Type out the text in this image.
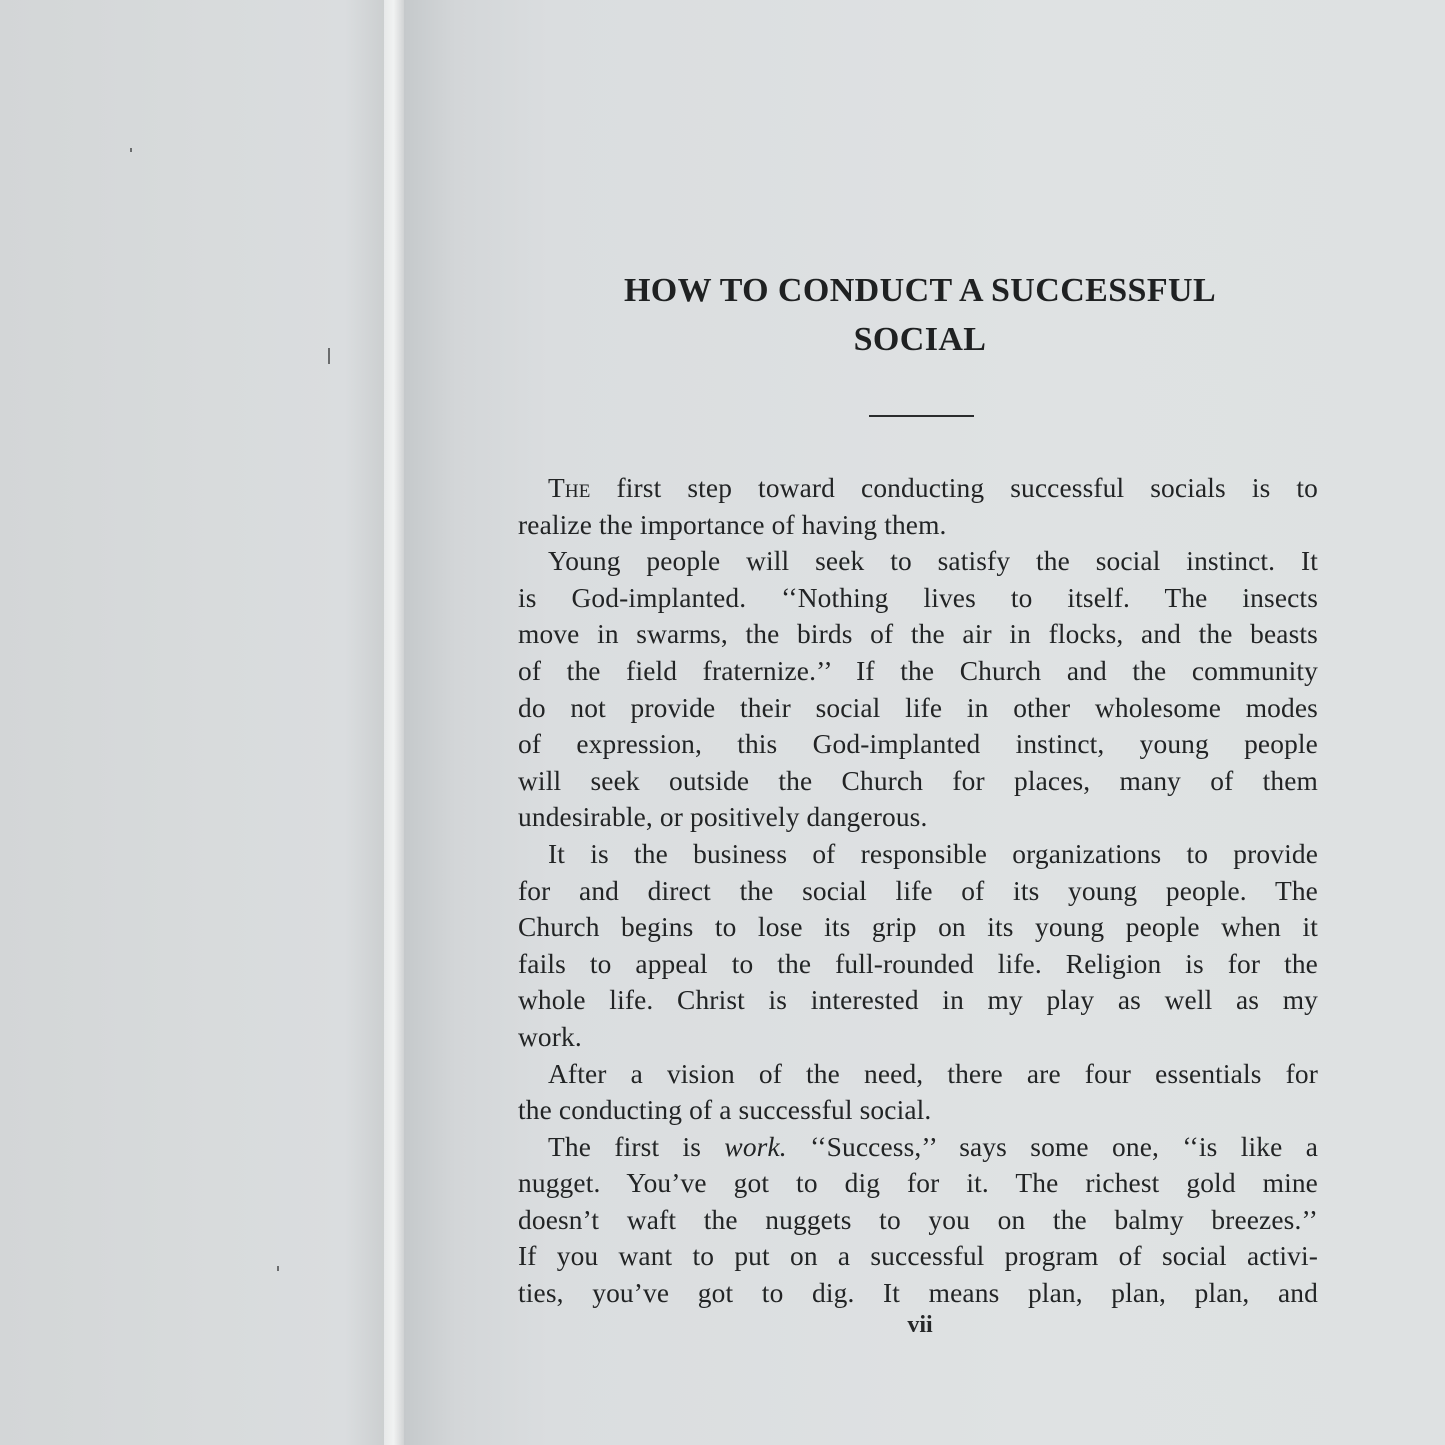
HOW TO CONDUCT A SUCCESSFUL
SOCIAL
The first step toward conducting successful socials is to
realize the importance of having them.
Young people will seek to satisfy the social instinct. It
is God-implanted. ‘‘Nothing lives to itself. The insects
move in swarms, the birds of the air in flocks, and the beasts
of the field fraternize.’’ If the Church and the community
do not provide their social life in other wholesome modes
of expression, this God-implanted instinct, young people
will seek outside the Church for places, many of them
undesirable, or positively dangerous.
It is the business of responsible organizations to provide
for and direct the social life of its young people. The
Church begins to lose its grip on its young people when it
fails to appeal to the full-rounded life. Religion is for the
whole life. Christ is interested in my play as well as my
work.
After a vision of the need, there are four essentials for
the conducting of a successful social.
The first is work. ‘‘Success,’’ says some one, ‘‘is like a
nugget. You’ve got to dig for it. The richest gold mine
doesn’t waft the nuggets to you on the balmy breezes.’’
If you want to put on a successful program of social activi-
ties, you’ve got to dig. It means plan, plan, plan, and
vii
